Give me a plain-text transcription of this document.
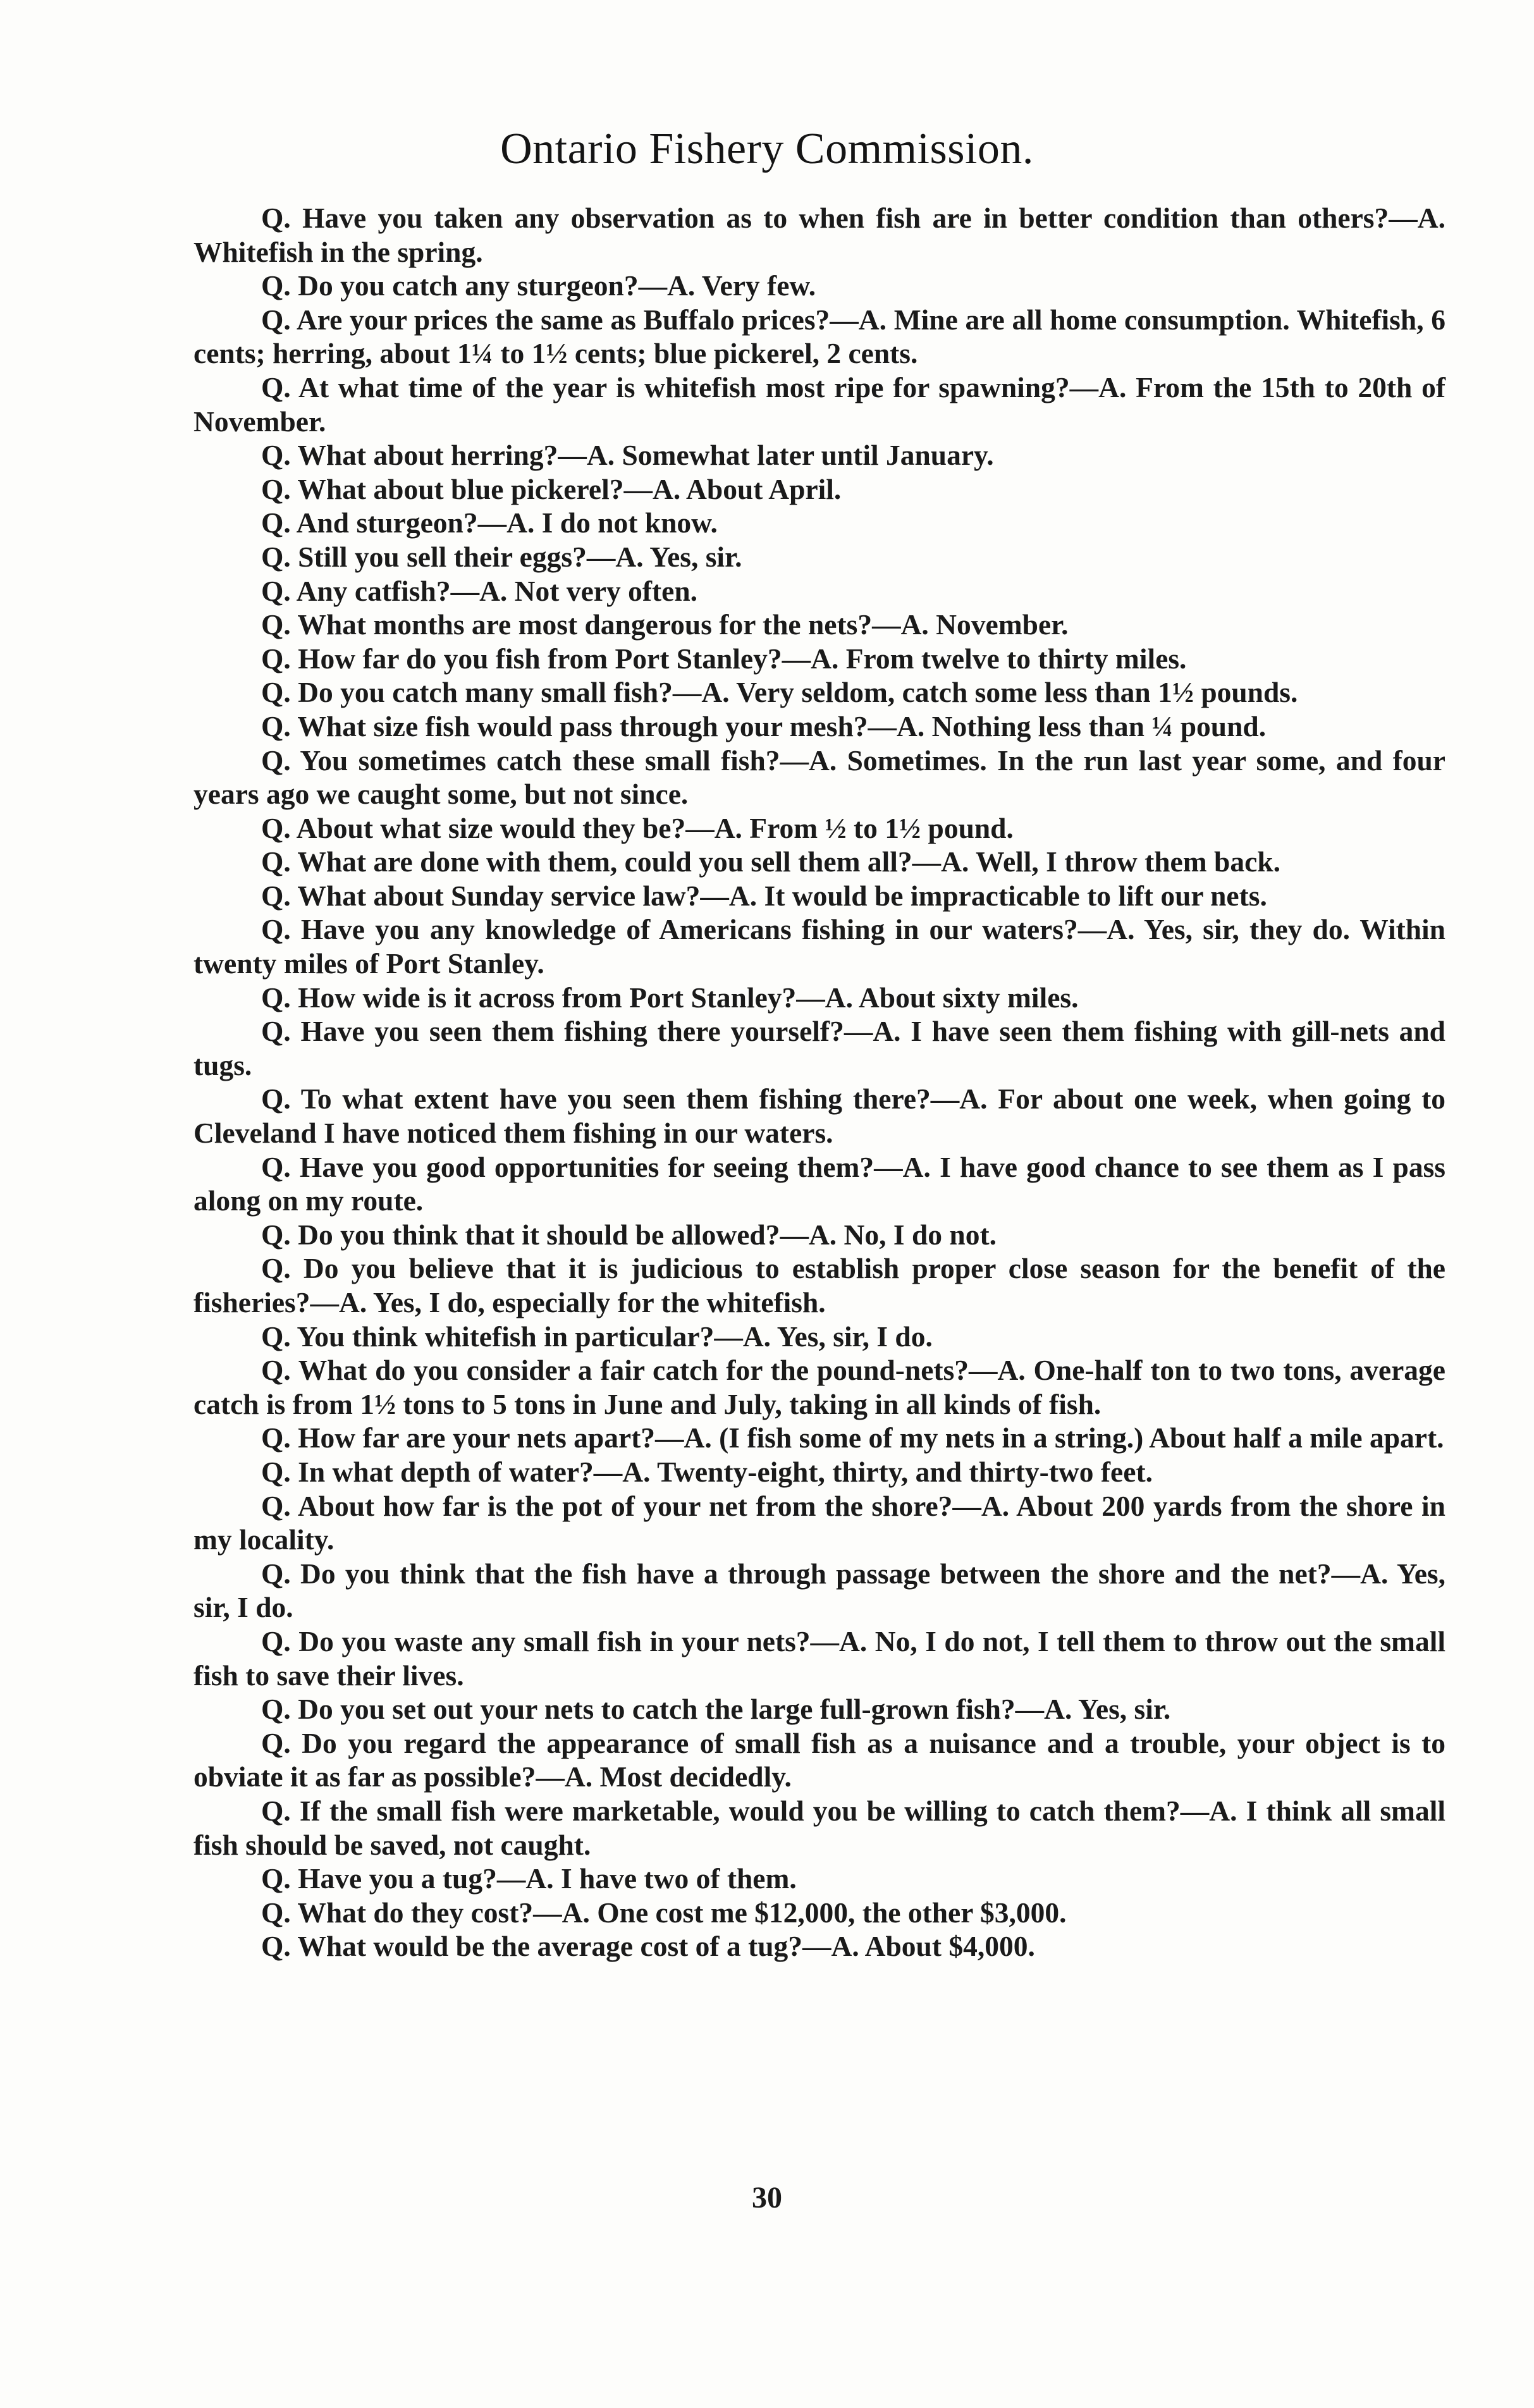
Ontario Fishery Commission.

Q. Have you taken any observation as to when fish are in better condition than others?—A. Whitefish in the spring.

Q. Do you catch any sturgeon?—A. Very few.

Q. Are your prices the same as Buffalo prices?—A. Mine are all home consumption. Whitefish, 6 cents; herring, about 1¼ to 1½ cents; blue pickerel, 2 cents.

Q. At what time of the year is whitefish most ripe for spawning?—A. From the 15th to 20th of November.

Q. What about herring?—A. Somewhat later until January.

Q. What about blue pickerel?—A. About April.

Q. And sturgeon?—A. I do not know.

Q. Still you sell their eggs?—A. Yes, sir.

Q. Any catfish?—A. Not very often.

Q. What months are most dangerous for the nets?—A. November.

Q. How far do you fish from Port Stanley?—A. From twelve to thirty miles.

Q. Do you catch many small fish?—A. Very seldom, catch some less than 1½ pounds.

Q. What size fish would pass through your mesh?—A. Nothing less than ¼ pound.

Q. You sometimes catch these small fish?—A. Sometimes. In the run last year some, and four years ago we caught some, but not since.

Q. About what size would they be?—A. From ½ to 1½ pound.

Q. What are done with them, could you sell them all?—A. Well, I throw them back.

Q. What about Sunday service law?—A. It would be impracticable to lift our nets.

Q. Have you any knowledge of Americans fishing in our waters?—A. Yes, sir, they do. Within twenty miles of Port Stanley.

Q. How wide is it across from Port Stanley?—A. About sixty miles.

Q. Have you seen them fishing there yourself?—A. I have seen them fishing with gill-nets and tugs.

Q. To what extent have you seen them fishing there?—A. For about one week, when going to Cleveland I have noticed them fishing in our waters.

Q. Have you good opportunities for seeing them?—A. I have good chance to see them as I pass along on my route.

Q. Do you think that it should be allowed?—A. No, I do not.

Q. Do you believe that it is judicious to establish proper close season for the benefit of the fisheries?—A. Yes, I do, especially for the whitefish.

Q. You think whitefish in particular?—A. Yes, sir, I do.

Q. What do you consider a fair catch for the pound-nets?—A. One-half ton to two tons, average catch is from 1½ tons to 5 tons in June and July, taking in all kinds of fish.

Q. How far are your nets apart?—A. (I fish some of my nets in a string.) About half a mile apart.

Q. In what depth of water?—A. Twenty-eight, thirty, and thirty-two feet.

Q. About how far is the pot of your net from the shore?—A. About 200 yards from the shore in my locality.

Q. Do you think that the fish have a through passage between the shore and the net?—A. Yes, sir, I do.

Q. Do you waste any small fish in your nets?—A. No, I do not, I tell them to throw out the small fish to save their lives.

Q. Do you set out your nets to catch the large full-grown fish?—A. Yes, sir.

Q. Do you regard the appearance of small fish as a nuisance and a trouble, your object is to obviate it as far as possible?—A. Most decidedly.

Q. If the small fish were marketable, would you be willing to catch them?—A. I think all small fish should be saved, not caught.

Q. Have you a tug?—A. I have two of them.

Q. What do they cost?—A. One cost me $12,000, the other $3,000.

Q. What would be the average cost of a tug?—A. About $4,000.

30
